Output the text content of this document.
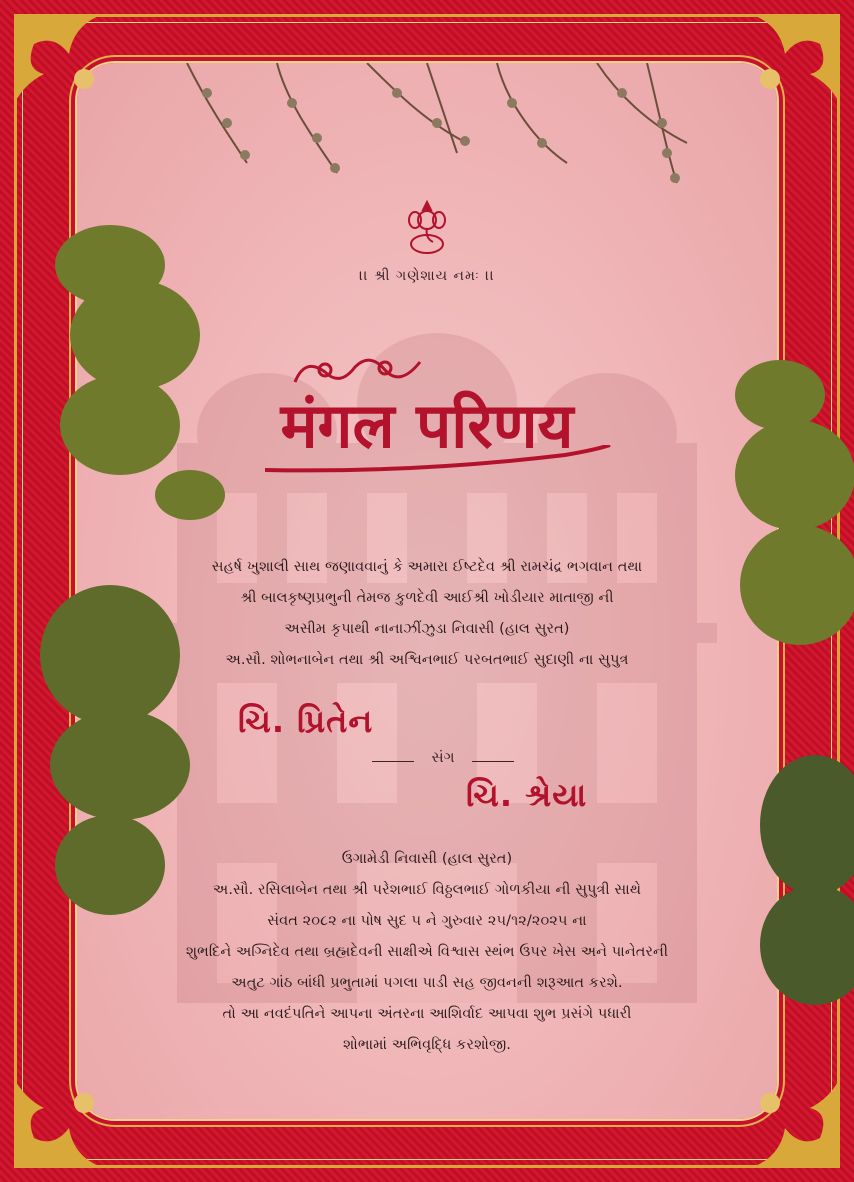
।। શ્રી ગણેશાય નમઃ ।।
मंगल परिणय
સહર્ષ ખુશાલી સાથ જણાવવાનું કે અમારા ઈષ્ટદેવ શ્રી રામચંદ્ર ભગવાન તથા
શ્રી બાલકૃષ્ણપ્રભુની તેમજ કુળદેવી આઈશ્રી ખોડીયાર માતાજી ની
અસીમ કૃપાથી નાનાઝીંઝુડા નિવાસી (હાલ સુરત)
અ.સૌ. શોભનાબેન તથા શ્રી અશ્વિનભાઈ પરબતભાઈ સુદાણી ના સુપુત્ર
ચિ. પ્રિતેન
સંગ
ચિ. શ્રેયા
ઉગામેડી નિવાસી (હાલ સુરત)
અ.સૌ. રસિલાબેન તથા શ્રી પરેશભાઈ વિઠ્ઠલભાઈ ગોળકીયા ની સુપુત્રી સાથે
સંવત ૨૦૮૨ ના પોષ સુદ ૫ ને ગુરુવાર ૨૫/૧૨/૨૦૨૫ ના
શુભદિને અગ્નિદેવ તથા બ્રહ્મદેવની સાક્ષીએ વિશ્વાસ સ્થંભ ઉપર ખેસ અને પાનેતરની
અતુટ ગાંઠ બાંધી પ્રભુતામાં પગલા પાડી સહ જીવનની શરૂઆત કરશે.
તો આ નવદંપતિને આપના અંતરના આશિર્વાદ આપવા શુભ પ્રસંગે પધારી
શોભામાં અભિવૃદ્ધિ કરશોજી.
